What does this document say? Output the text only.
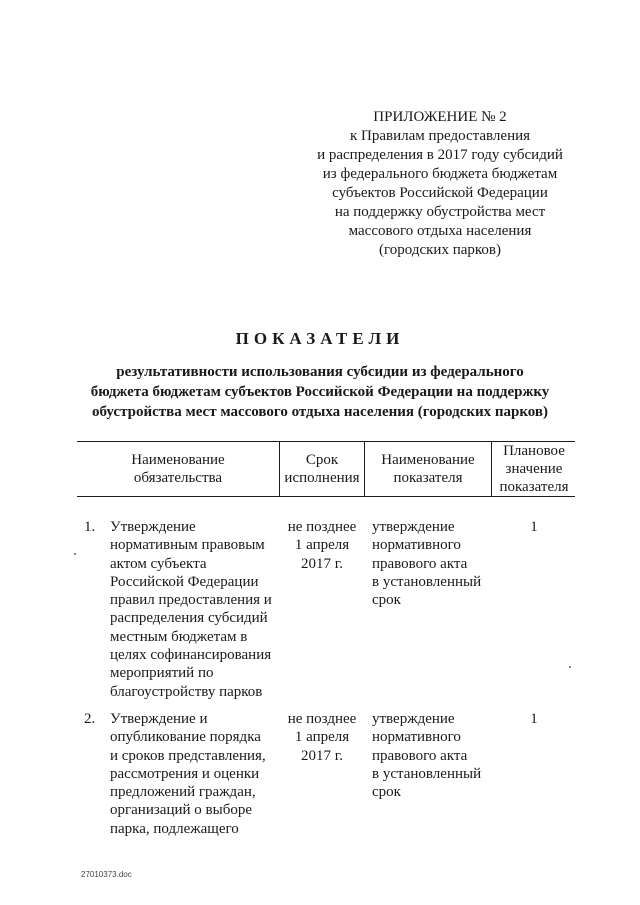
ПРИЛОЖЕНИЕ № 2
к Правилам предоставления
и распределения в 2017 году субсидий
из федерального бюджета бюджетам
субъектов Российской Федерации
на поддержку обустройства мест
массового отдыха населения
(городских парков)
ПОКАЗАТЕЛИ
результативности использования субсидии из федерального
бюджета бюджетам субъектов Российской Федерации на поддержку
обустройства мест массового отдыха населения (городских парков)
Наименование
обязательства
Срок
исполнения
Наименование
показателя
Плановое
значение
показателя
1. Утверждение
нормативным правовым
актом субъекта
Российской Федерации
правил предоставления и
распределения субсидий
местным бюджетам в
целях софинансирования
мероприятий по
благоустройству парков
не позднее
1 апреля
2017 г.
утверждение
нормативного
правового акта
в установленный
срок
1
2. Утверждение и
опубликование порядка
и сроков представления,
рассмотрения и оценки
предложений граждан,
организаций о выборе
парка, подлежащего
не позднее
1 апреля
2017 г.
утверждение
нормативного
правового акта
в установленный
срок
1
27010373.doc
